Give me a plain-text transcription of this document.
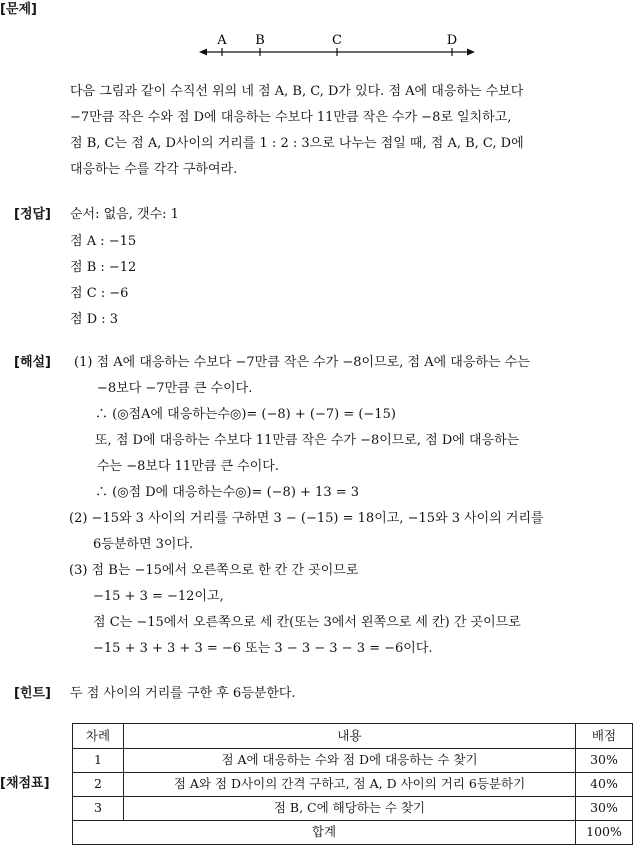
[문제]
A B	C	D
다음 그림과 같이 수직선 위의 네 점 A, B, C, D가 있다. 점 A에 대응하는 수보다
−7만큼 작은 수와 점 D에 대응하는 수보다 11만큼 작은 수가 −8로 일치하고,
점 B, C는 점 A, D사이의 거리를 1 : 2 : 3으로 나누는 점일 때, 점 A, B, C, D에
대응하는 수를 각각 구하여라.
[정답] 순서: 없음, 갯수: 1
점 A : −15
점 B : −12
점 C : −6
점 D : 3
[해설] (1) 점 A에 대응하는 수보다 −7만큼 작은 수가 −8이므로, 점 A에 대응하는 수는
−8보다 −7만큼 큰 수이다.
∴ (◎점A에 대응하는수◎)= (−8) + (−7) = (−15)
또, 점 D에 대응하는 수보다 11만큼 작은 수가 −8이므로, 점 D에 대응하는
수는 −8보다 11만큼 큰 수이다.
∴ (◎점 D에 대응하는수◎)= (−8) + 13 = 3
(2) −15와 3 사이의 거리를 구하면 3 − (−15) = 18이고, −15와 3 사이의 거리를
6등분하면 3이다.
(3) 점 B는 −15에서 오른쪽으로 한 칸 간 곳이므로
−15 + 3 = −12이고,
점 C는 −15에서 오른쪽으로 세 칸(또는 3에서 왼쪽으로 세 칸) 간 곳이므로
−15 + 3 + 3 + 3 = −6 또는 3 − 3 − 3 − 3 = −6이다.
[힌트] 두 점 사이의 거리를 구한 후 6등분한다.
[채점표]
차례	내용	배점
1	점 A에 대응하는 수와 점 D에 대응하는 수 찾기	30%
2	점 A와 점 D사이의 간격 구하고, 점 A, D 사이의 거리 6등분하기	40%
3	점 B, C에 해당하는 수 찾기	30%
합계		100%
